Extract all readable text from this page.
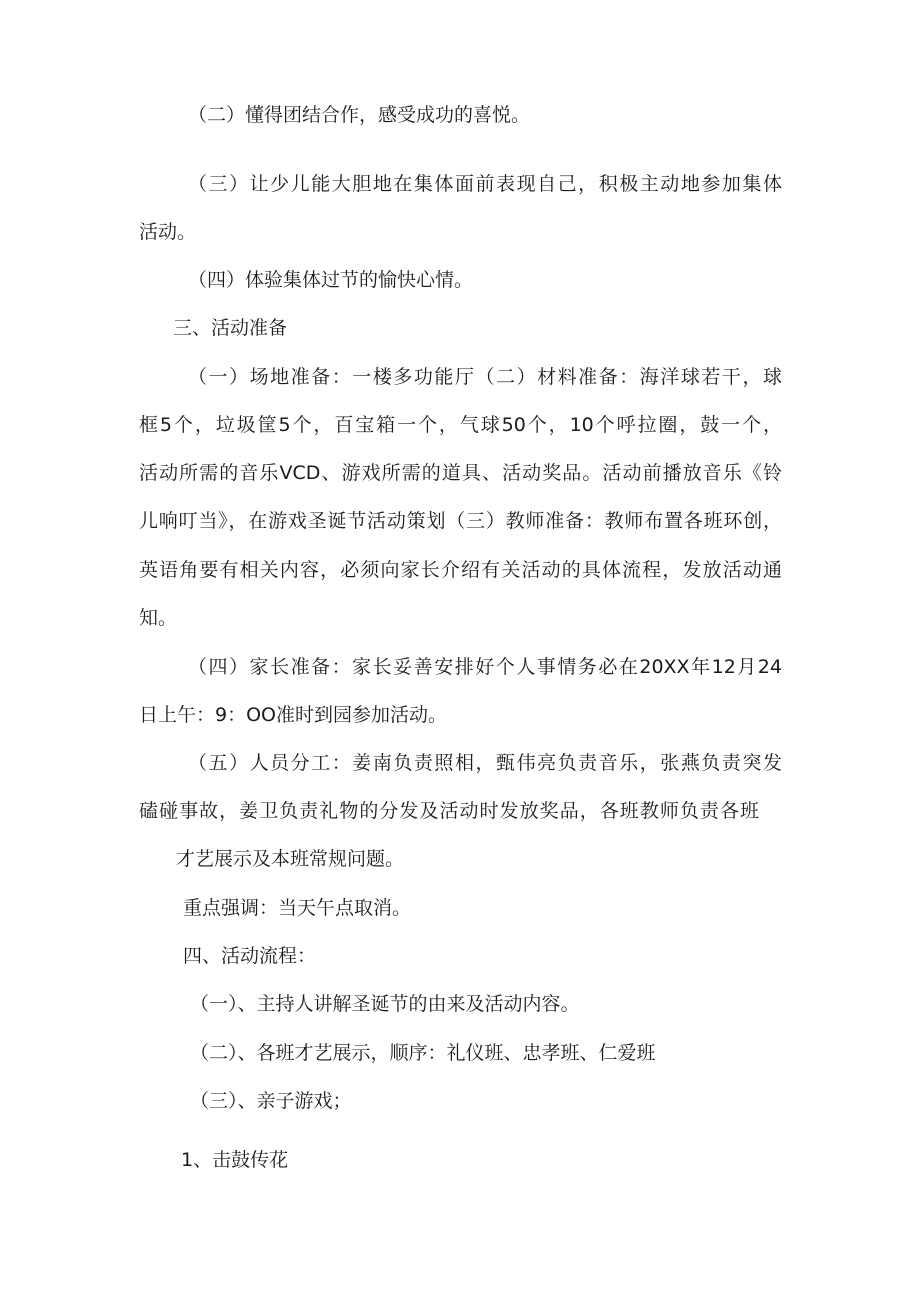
（二）懂得团结合作，感受成功的喜悦。
（三）让少儿能大胆地在集体面前表现自己，积极主动地参加集体
活动。
（四）体验集体过节的愉快心情。
三、活动准备
（一）场地准备：一楼多功能厅（二）材料准备：海洋球若干，球
框5个，垃圾筐5个，百宝箱一个，气球50个，10个呼拉圈，鼓一个，
活动所需的音乐VCD、游戏所需的道具、活动奖品。活动前播放音乐《铃
儿响叮当》，在游戏圣诞节活动策划（三）教师准备：教师布置各班环创，
英语角要有相关内容，必须向家长介绍有关活动的具体流程，发放活动通
知。
（四）家长准备：家长妥善安排好个人事情务必在20XX年12月24
日上午：9：OO准时到园参加活动。
（五）人员分工：姜南负责照相，甄伟亮负责音乐，张燕负责突发
磕碰事故，姜卫负责礼物的分发及活动时发放奖品，各班教师负责各班
才艺展示及本班常规问题。
重点强调：当天午点取消。
四、活动流程：
（一）、主持人讲解圣诞节的由来及活动内容。
（二）、各班才艺展示，顺序：礼仪班、忠孝班、仁爱班
（三）、亲子游戏；
1、击鼓传花
